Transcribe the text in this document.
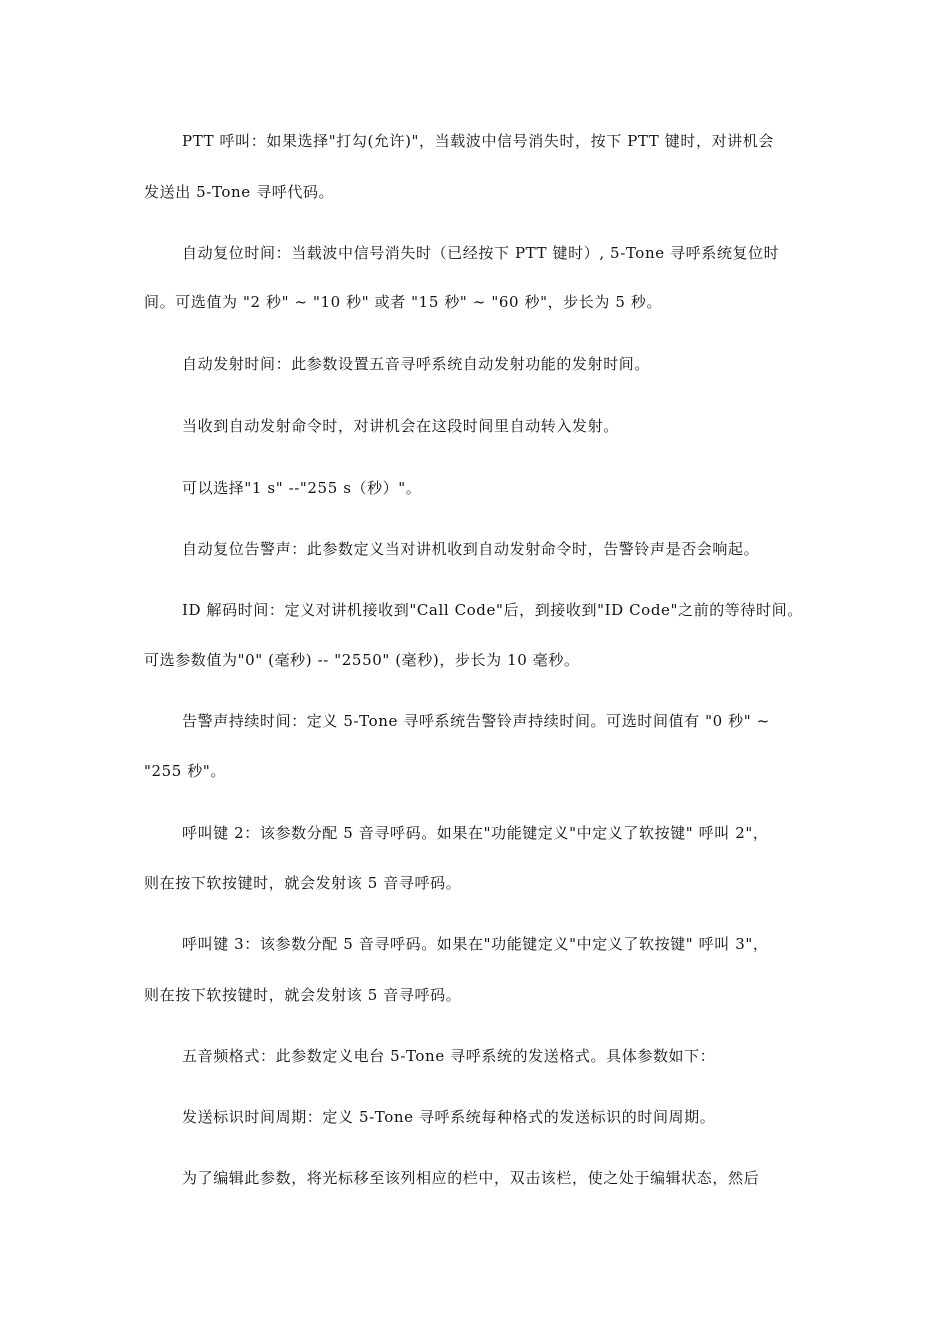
PTT 呼叫：如果选择"打勾(允许)"，当载波中信号消失时，按下 PTT 键时，对讲机会
发送出 5-Tone 寻呼代码。
自动复位时间：当载波中信号消失时（已经按下 PTT 键时）, 5-Tone 寻呼系统复位时
间。可选值为 "2 秒" ~ "10 秒" 或者 "15 秒" ~ "60 秒"，步长为 5 秒。
自动发射时间：此参数设置五音寻呼系统自动发射功能的发射时间。
当收到自动发射命令时，对讲机会在这段时间里自动转入发射。
可以选择"1 s" --"255 s（秒）"。
自动复位告警声：此参数定义当对讲机收到自动发射命令时，告警铃声是否会响起。
ID 解码时间：定义对讲机接收到"Call Code"后，到接收到"ID Code"之前的等待时间。
可选参数值为"0" (毫秒) -- "2550" (毫秒)，步长为 10 毫秒。
告警声持续时间：定义 5-Tone 寻呼系统告警铃声持续时间。可选时间值有 "0 秒" ~
"255 秒"。
呼叫键 2：该参数分配 5 音寻呼码。如果在"功能键定义"中定义了软按键" 呼叫 2"，
则在按下软按键时，就会发射该 5 音寻呼码。
呼叫键 3：该参数分配 5 音寻呼码。如果在"功能键定义"中定义了软按键" 呼叫 3"，
则在按下软按键时，就会发射该 5 音寻呼码。
五音频格式：此参数定义电台 5-Tone 寻呼系统的发送格式。具体参数如下：
发送标识时间周期：定义 5-Tone 寻呼系统每种格式的发送标识的时间周期。
为了编辑此参数，将光标移至该列相应的栏中，双击该栏，使之处于编辑状态，然后
